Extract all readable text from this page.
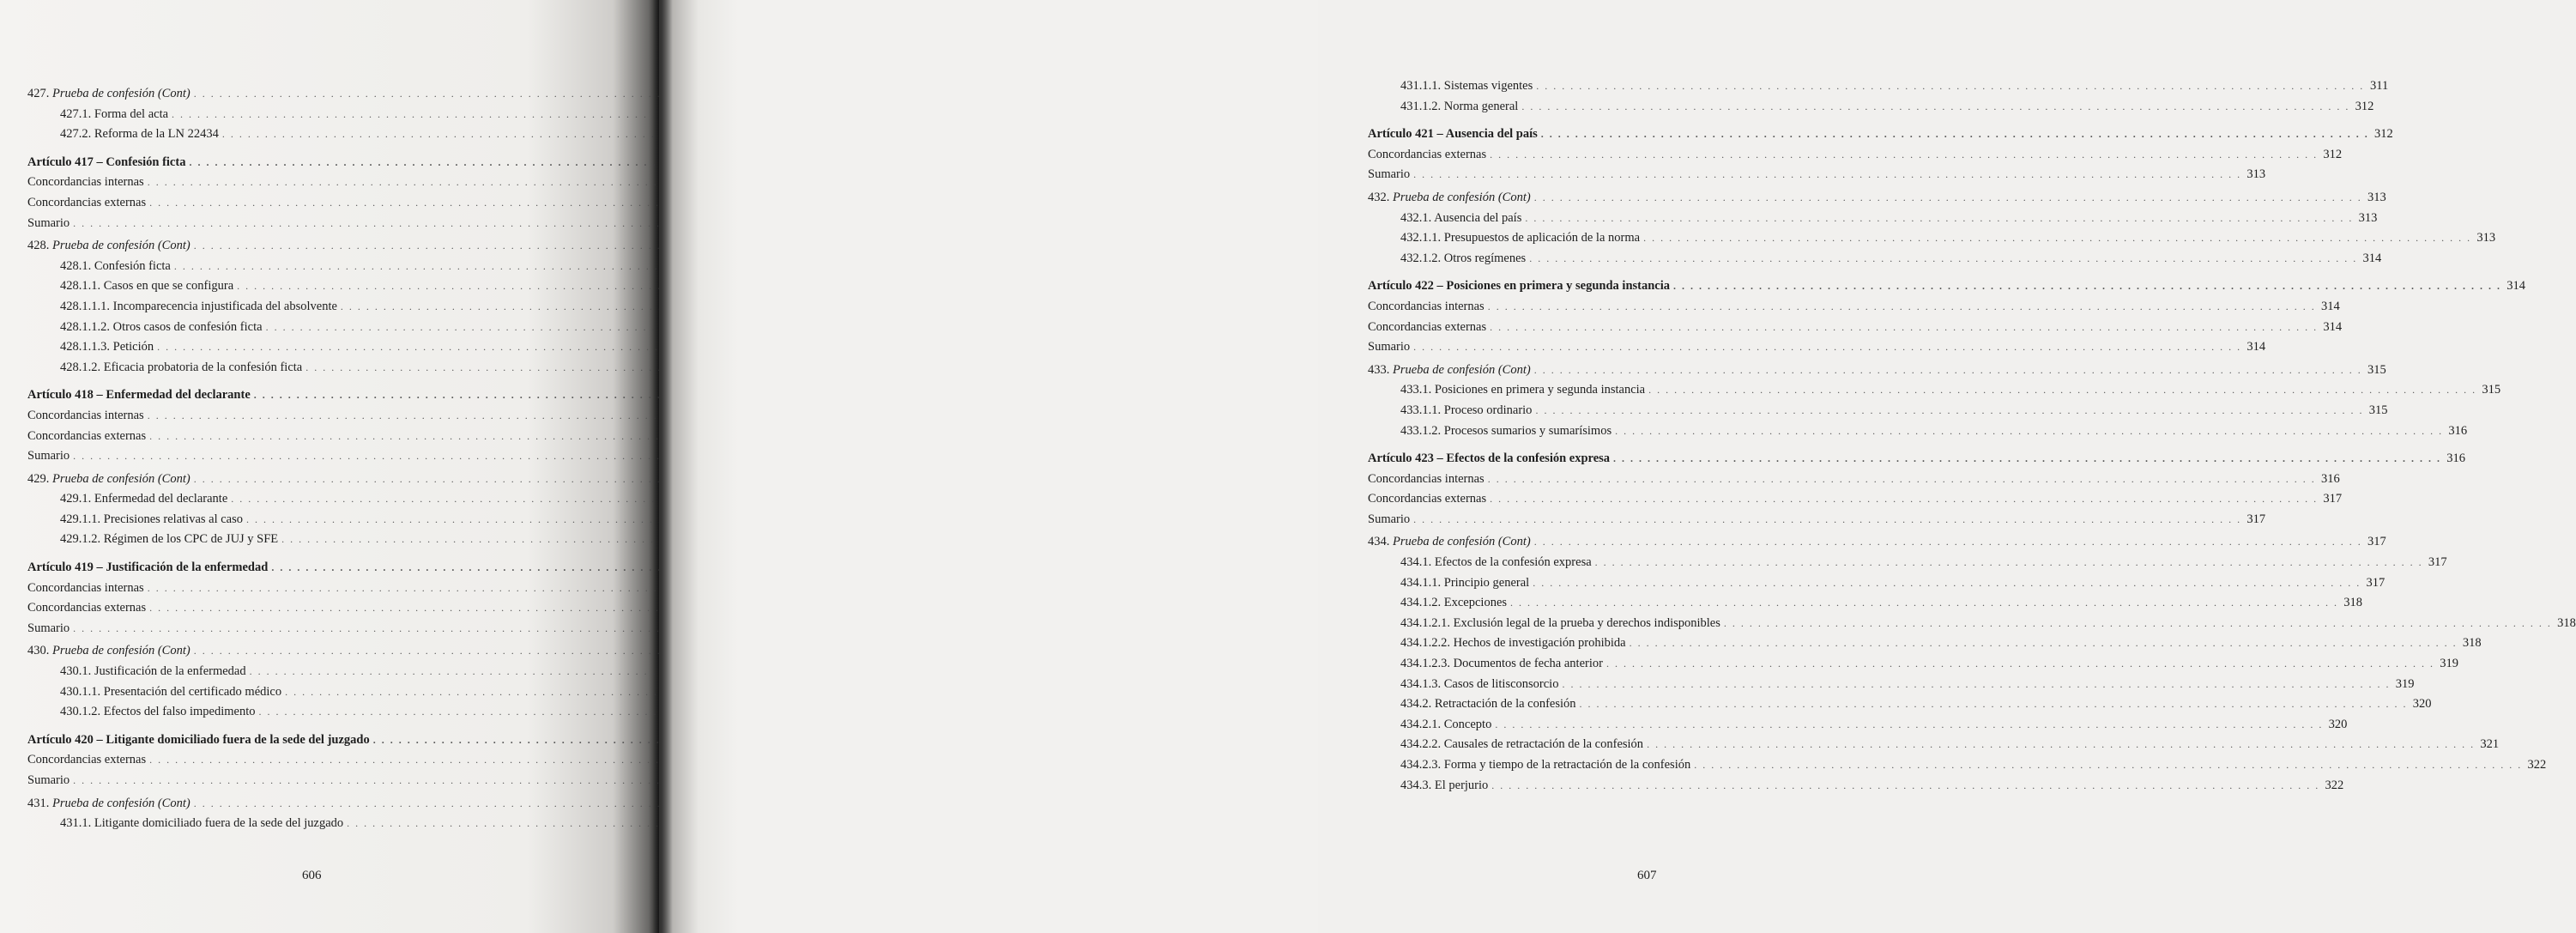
427. Prueba de confesión (Cont)
. . .
427.1. Forma del acta
. . .
427.2. Reforma de la LN 22434
. . .
Artículo 417 – Confesión ficta
. . .
Concordancias internas
. . .
Concordancias externas
. . .
Sumario
. . .
428. Prueba de confesión (Cont)
. . .
428.1. Confesión ficta
. . .
428.1.1. Casos en que se configura
. . .
428.1.1.1. Incomparecencia injustificada del absolvente
. . .
428.1.1.2. Otros casos de confesión ficta
. . .
428.1.1.3. Petición
. . .
428.1.2. Eficacia probatoria de la confesión ficta
. . .
Artículo 418 – Enfermedad del declarante
. . .
Concordancias internas
. . .
Concordancias externas
. . .
Sumario
. . .
429. Prueba de confesión (Cont)
. . .
429.1. Enfermedad del declarante
. . .
429.1.1. Precisiones relativas al caso
. . .
429.1.2. Régimen de los CPC de JUJ y SFE
. . .
Artículo 419 – Justificación de la enfermedad
. . .
Concordancias internas
. . .
Concordancias externas
. . .
Sumario
. . .
430. Prueba de confesión (Cont)
. . .
430.1. Justificación de la enfermedad
. . .
430.1.1. Presentación del certificado médico
. . .
430.1.2. Efectos del falso impedimento
. . .
Artículo 420 – Litigante domiciliado fuera de la sede del juzgado
. . .
Concordancias externas
. . .
Sumario
. . .
431. Prueba de confesión (Cont)
. . .
431.1. Litigante domiciliado fuera de la sede del juzgado
. . .
606
431.1.1. Sistemas vigentes . . .	311
431.1.2. Norma general . . .	312
Artículo 421 – Ausencia del país . . .	312
Concordancias externas . . .	312
Sumario . . .	313
432. Prueba de confesión (Cont) . . .	313
432.1. Ausencia del país . . .	313
432.1.1. Presupuestos de aplicación de la norma . . .	313
432.1.2. Otros regímenes . . .	314
Artículo 422 – Posiciones en primera y segunda instancia . . .	314
Concordancias internas . . .	314
Concordancias externas . . .	314
Sumario . . .	314
433. Prueba de confesión (Cont) . . .	315
433.1. Posiciones en primera y segunda instancia . . .	315
433.1.1. Proceso ordinario . . .	315
433.1.2. Procesos sumarios y sumarísimos . . .	316
Artículo 423 – Efectos de la confesión expresa . . .	316
Concordancias internas . . .	316
Concordancias externas . . .	317
Sumario . . .	317
434. Prueba de confesión (Cont) . . .	317
434.1. Efectos de la confesión expresa . . .	317
434.1.1. Principio general . . .	317
434.1.2. Excepciones . . .	318
434.1.2.1. Exclusión legal de la prueba y derechos indisponibles . . .	318
434.1.2.2. Hechos de investigación prohibida . . .	318
434.1.2.3. Documentos de fecha anterior . . .	319
434.1.3. Casos de litisconsorcio . . .	319
434.2. Retractación de la confesión . . .	320
434.2.1. Concepto . . .	320
434.2.2. Causales de retractación de la confesión . . .	321
434.2.3. Forma y tiempo de la retractación de la confesión . . .	322
434.3. El perjurio . . .	322
607
